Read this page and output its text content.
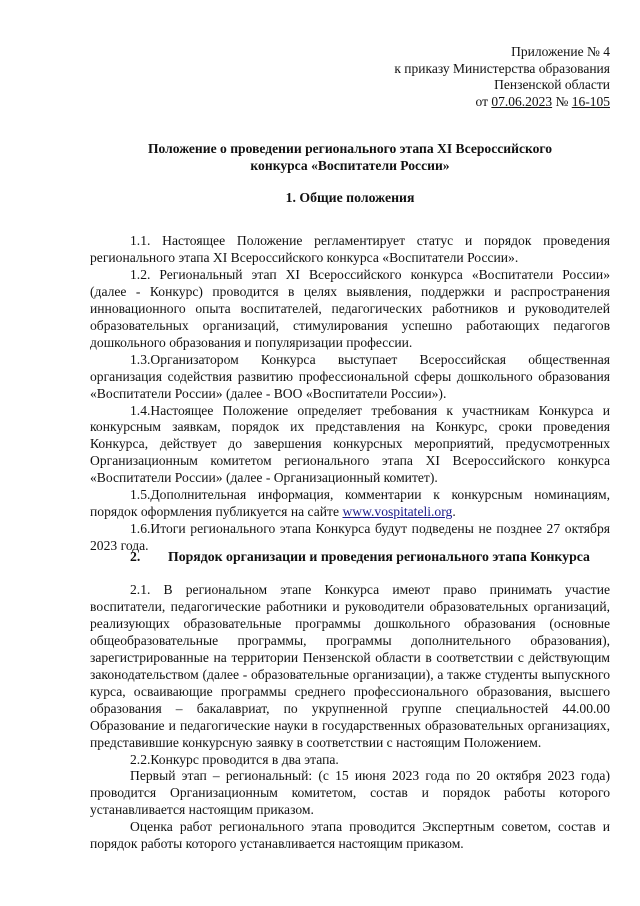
Приложение № 4
к приказу Министерства образования
Пензенской области
от 07.06.2023 № 16-105
Положение о проведении регионального этапа XI Всероссийского
конкурса «Воспитатели России»
1. Общие положения

1.1. Настоящее Положение регламентирует статус и порядок проведения регионального этапа XI Всероссийского конкурса «Воспитатели России».

1.2. Региональный этап XI Всероссийского конкурса «Воспитатели России» (далее - Конкурс) проводится в целях выявления, поддержки и распространения инновационного опыта воспитателей, педагогических работников и руководителей образовательных организаций, стимулирования успешно работающих педагогов дошкольного образования и популяризации профессии.

1.3.Организатором Конкурса выступает Всероссийская общественная организация содействия развитию профессиональной сферы дошкольного образования «Воспитатели России» (далее - ВОО «Воспитатели России»).

1.4.Настоящее Положение определяет требования к участникам Конкурса и конкурсным заявкам, порядок их представления на Конкурс, сроки проведения Конкурса, действует до завершения конкурсных мероприятий, предусмотренных Организационным комитетом регионального этапа XI Всероссийского конкурса «Воспитатели России» (далее - Организационный комитет).

1.5.Дополнительная информация, комментарии к конкурсным номинациям, порядок оформления публикуется на сайте www.vospitateli.org.

1.6.Итоги регионального этапа Конкурса будут подведены не позднее 27 октября 2023 года.

2. Порядок организации и проведения регионального этапа Конкурса

2.1. В региональном этапе Конкурса имеют право принимать участие воспитатели, педагогические работники и руководители образовательных организаций, реализующих образовательные программы дошкольного образования (основные общеобразовательные программы, программы дополнительного образования), зарегистрированные на территории Пензенской области в соответствии с действующим законодательством (далее - образовательные организации), а также студенты выпускного курса, осваивающие программы среднего профессионального образования, высшего образования – бакалавриат, по укрупненной группе специальностей 44.00.00 Образование и педагогические науки в государственных образовательных организациях, представившие конкурсную заявку в соответствии с настоящим Положением.

2.2.Конкурс проводится в два этапа.

Первый этап – региональный: (с 15 июня 2023 года по 20 октября 2023 года) проводится Организационным комитетом, состав и порядок работы которого устанавливается настоящим приказом.

Оценка работ регионального этапа проводится Экспертным советом, состав и порядок работы которого устанавливается настоящим приказом.
